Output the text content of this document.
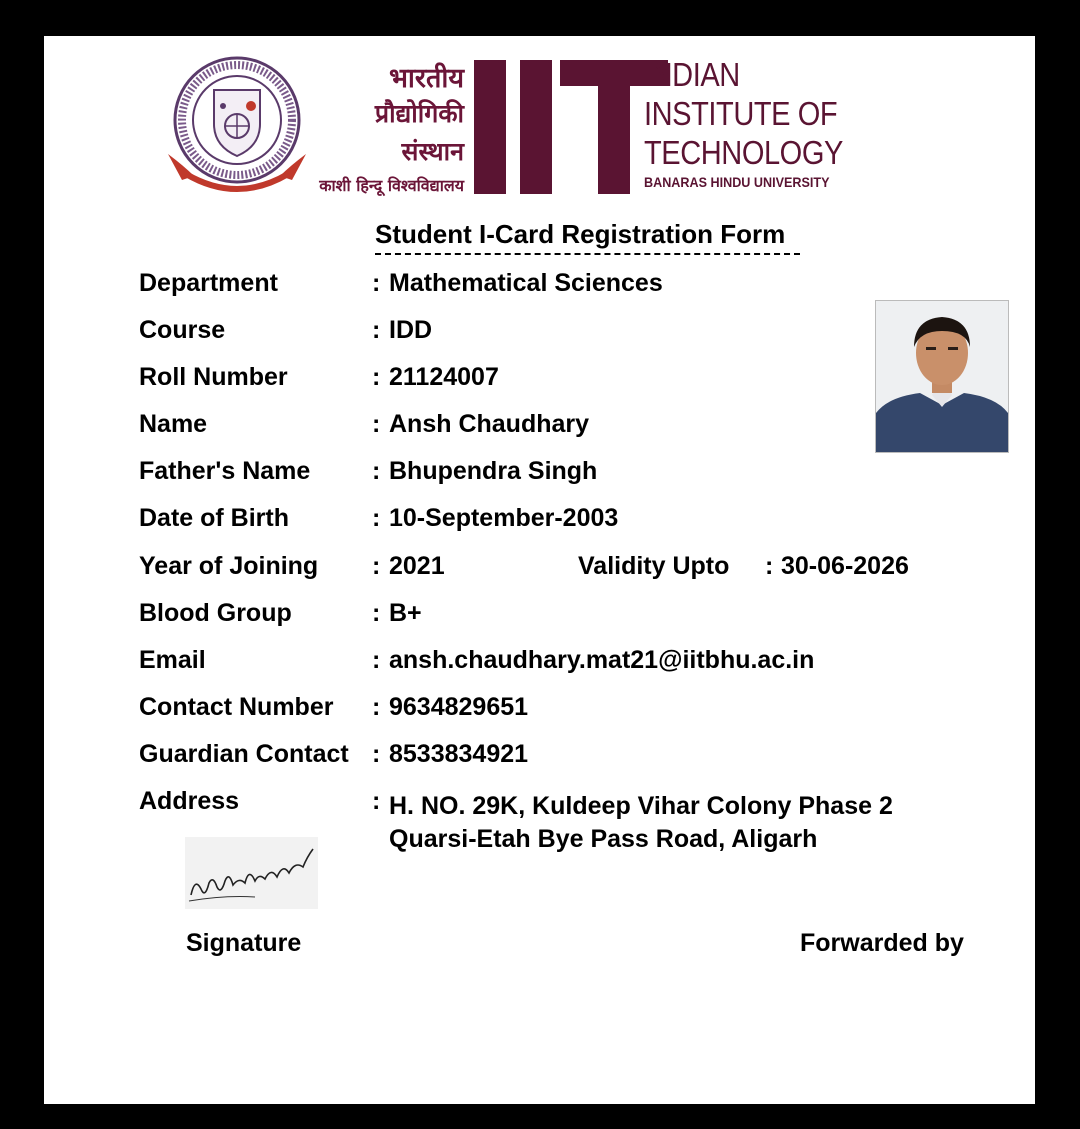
भारतीय
प्रौद्योगिकी
संस्थान
काशी हिन्दू विश्वविद्यालय
INDIAN
INSTITUTE OF
TECHNOLOGY
BANARAS HINDU UNIVERSITY
Student I-Card Registration Form
Department	: Mathematical Sciences
Course	: IDD
Roll Number	: 21124007
Name	: Ansh Chaudhary
Father's Name : Bhupendra Singh
Date of Birth	: 10-September-2003
Year of Joining : 2021	Validity Upto : 30-06-2026
Blood Group	: B+
Email	: ansh.chaudhary.mat21@iitbhu.ac.in
Contact Number : 9634829651
Guardian Contact : 8533834921
Address	: H. NO. 29K, Kuldeep Vihar Colony Phase 2
Quarsi-Etah Bye Pass Road, Aligarh
Signature	Forwarded by
